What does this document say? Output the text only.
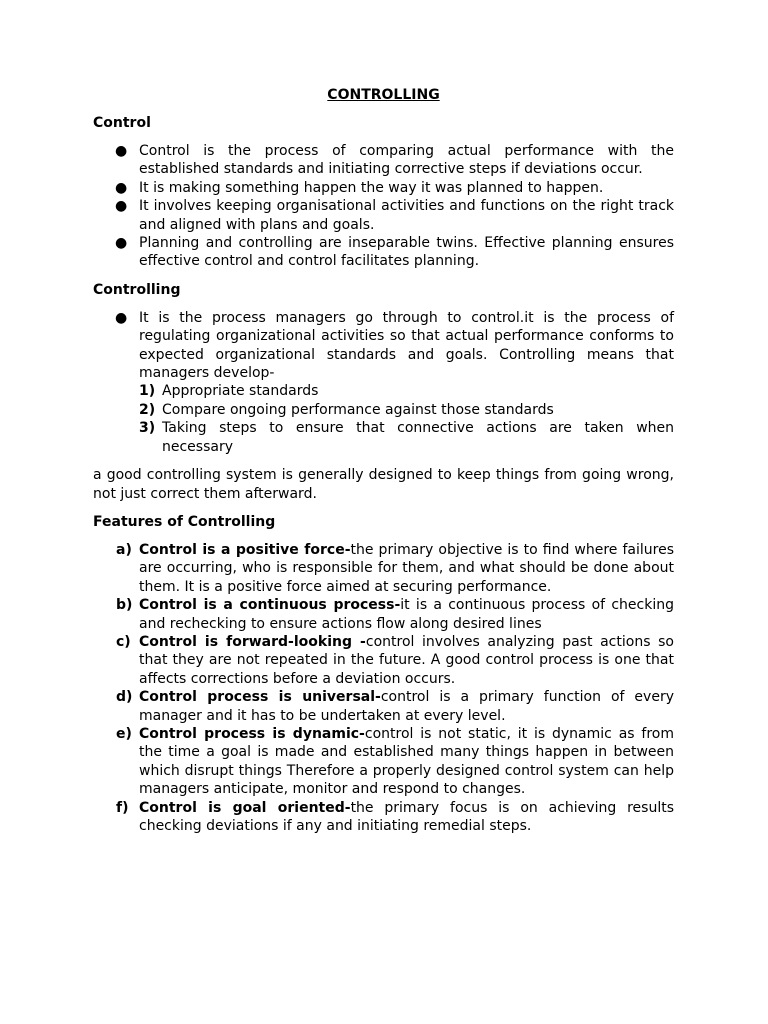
CONTROLLING
Control
● Control is the process of comparing actual performance with the established standards and initiating corrective steps if deviations occur.
● It is making something happen the way it was planned to happen.
● It involves keeping organisational activities and functions on the right track and aligned with plans and goals.
● Planning and controlling are inseparable twins. Effective planning ensures effective control and control facilitates planning.
Controlling
● It is the process managers go through to control.it is the process of regulating organizational activities so that actual performance conforms to expected organizational standards and goals. Controlling means that managers develop-
1) Appropriate standards
2) Compare ongoing performance against those standards
3) Taking steps to ensure that connective actions are taken when necessary
a good controlling system is generally designed to keep things from going wrong, not just correct them afterward.
Features of Controlling
a) Control is a positive force-the primary objective is to find where failures are occurring, who is responsible for them, and what should be done about them. It is a positive force aimed at securing performance.
b) Control is a continuous process-it is a continuous process of checking and rechecking to ensure actions flow along desired lines
c) Control is forward-looking -control involves analyzing past actions so that they are not repeated in the future. A good control process is one that affects corrections before a deviation occurs.
d) Control process is universal-control is a primary function of every manager and it has to be undertaken at every level.
e) Control process is dynamic-control is not static, it is dynamic as from the time a goal is made and established many things happen in between which disrupt things Therefore a properly designed control system can help managers anticipate, monitor and respond to changes.
f) Control is goal oriented-the primary focus is on achieving results checking deviations if any and initiating remedial steps.
